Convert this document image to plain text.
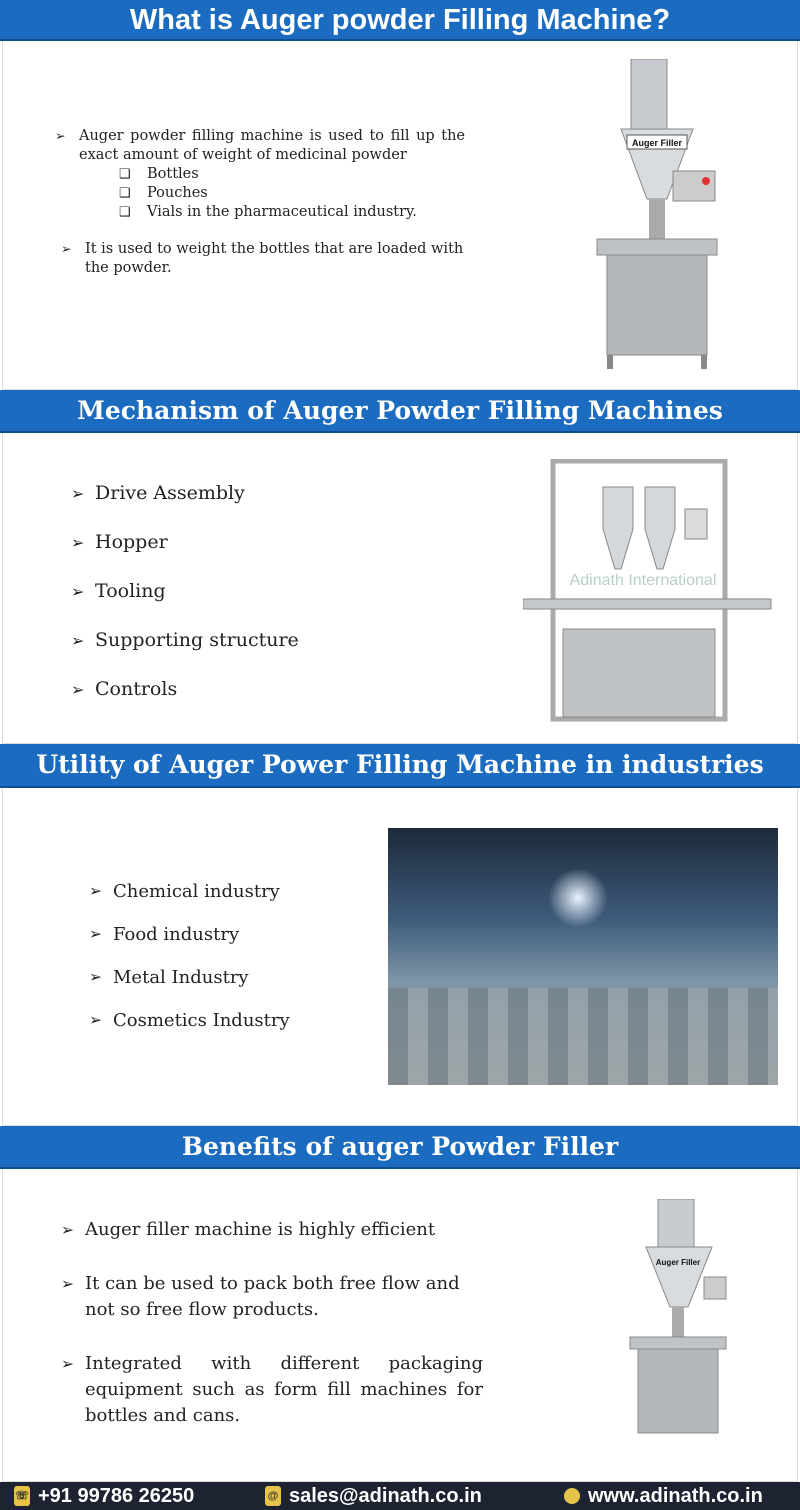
What is Auger powder Filling Machine?
➢ Auger powder filling machine is used to fill up the exact amount of weight of medicinal powder
❑ Bottles
❑ Pouches
❑ Vials in the pharmaceutical industry.
➢ It is used to weight the bottles that are loaded with the powder.
Auger Filler
Mechanism of Auger Powder Filling Machines
➢ Drive Assembly
➢ Hopper
➢ Tooling
➢ Supporting structure
➢ Controls
Adinath International
Utility of Auger Power Filling Machine in industries
➢ Chemical industry
➢ Food industry
➢ Metal Industry
➢ Cosmetics Industry
Benefits of auger Powder Filler
➢ Auger filler machine is highly efficient
➢ It can be used to pack both free flow and not so free flow products.
➢ Integrated with different packaging equipment such as form fill machines for bottles and cans.
Auger Filler
☏ +91 99786 26250	@ sales@adinath.co.in	www.adinath.co.in
